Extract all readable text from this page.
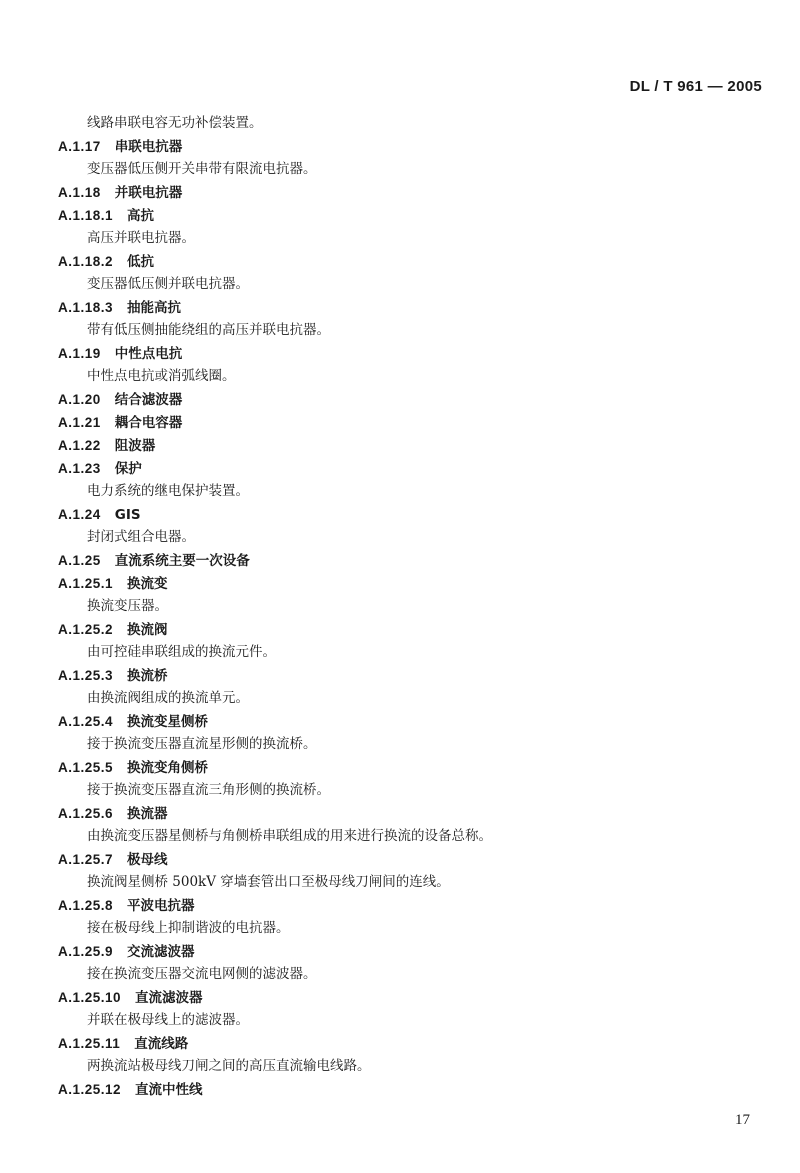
DL / T 961 — 2005
线路串联电容无功补偿装置。
A.1.17 串联电抗器
变压器低压侧开关串带有限流电抗器。
A.1.18 并联电抗器
A.1.18.1 高抗
高压并联电抗器。
A.1.18.2 低抗
变压器低压侧并联电抗器。
A.1.18.3 抽能高抗
带有低压侧抽能绕组的高压并联电抗器。
A.1.19 中性点电抗
中性点电抗或消弧线圈。
A.1.20 结合滤波器
A.1.21 耦合电容器
A.1.22 阻波器
A.1.23 保护
电力系统的继电保护装置。
A.1.24 GIS
封闭式组合电器。
A.1.25 直流系统主要一次设备
A.1.25.1 换流变
换流变压器。
A.1.25.2 换流阀
由可控硅串联组成的换流元件。
A.1.25.3 换流桥
由换流阀组成的换流单元。
A.1.25.4 换流变星侧桥
接于换流变压器直流星形侧的换流桥。
A.1.25.5 换流变角侧桥
接于换流变压器直流三角形侧的换流桥。
A.1.25.6 换流器
由换流变压器星侧桥与角侧桥串联组成的用来进行换流的设备总称。
A.1.25.7 极母线
换流阀星侧桥 500kV 穿墙套管出口至极母线刀闸间的连线。
A.1.25.8 平波电抗器
接在极母线上抑制谐波的电抗器。
A.1.25.9 交流滤波器
接在换流变压器交流电网侧的滤波器。
A.1.25.10 直流滤波器
并联在极母线上的滤波器。
A.1.25.11 直流线路
两换流站极母线刀闸之间的高压直流输电线路。
A.1.25.12 直流中性线
17
